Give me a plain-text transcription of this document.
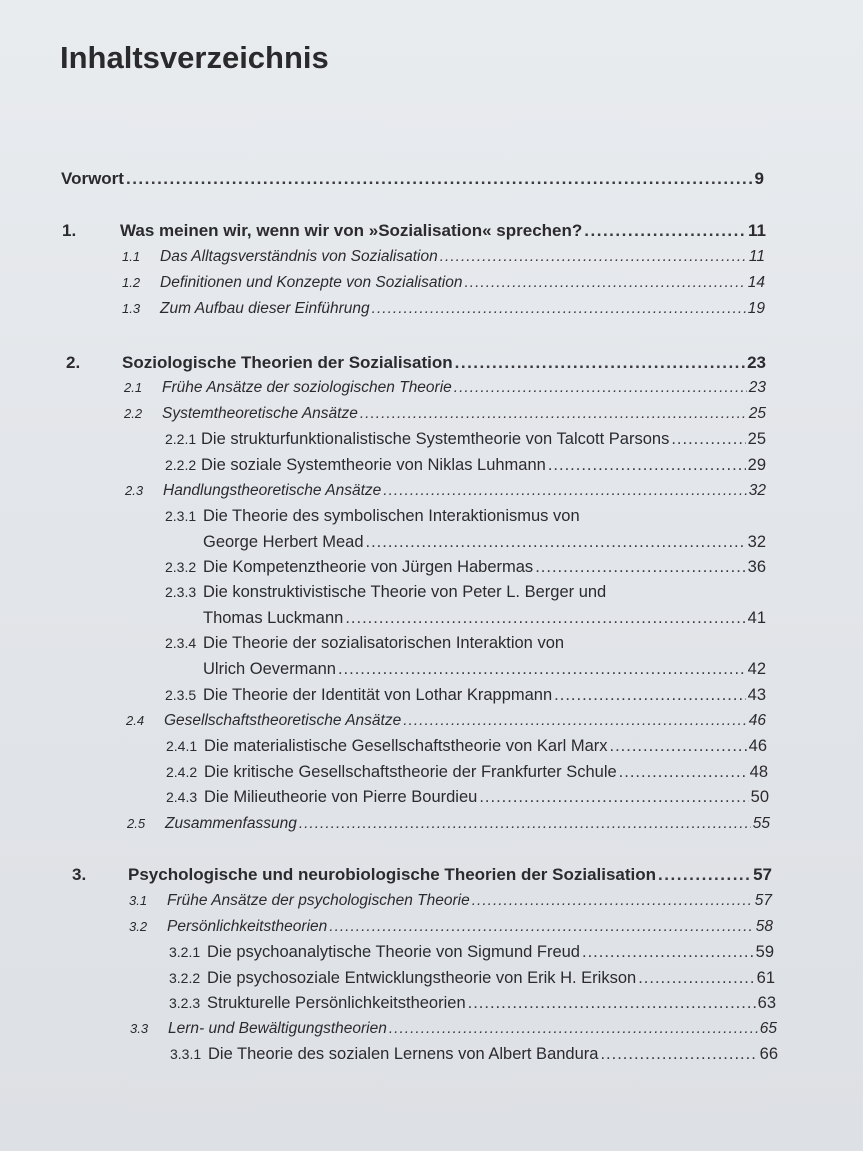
Inhaltsverzeichnis
Vorwort .....	9
1.	Was meinen wir, wenn wir von »Sozialisation« sprechen? .....	11
1.1	Das Alltagsverständnis von Sozialisation .....	11
1.2	Definitionen und Konzepte von Sozialisation .....	14
1.3	Zum Aufbau dieser Einführung .....	19
2.	Soziologische Theorien der Sozialisation .....	23
2.1	Frühe Ansätze der soziologischen Theorie .....	23
2.2	Systemtheoretische Ansätze .....	25
2.2.1 Die strukturfunktionalistische Systemtheorie von Talcott Parsons .....	25
2.2.2 Die soziale Systemtheorie von Niklas Luhmann .....	29
2.3	Handlungstheoretische Ansätze .....	32
2.3.1 Die Theorie des symbolischen Interaktionismus von
George Herbert Mead .....	32
2.3.2 Die Kompetenztheorie von Jürgen Habermas .....	36
2.3.3 Die konstruktivistische Theorie von Peter L. Berger und
Thomas Luckmann .....	41
2.3.4 Die Theorie der sozialisatorischen Interaktion von
Ulrich Oevermann .....	42
2.3.5 Die Theorie der Identität von Lothar Krappmann .....	43
2.4	Gesellschaftstheoretische Ansätze .....	46
2.4.1 Die materialistische Gesellschaftstheorie von Karl Marx .....	46
2.4.2 Die kritische Gesellschaftstheorie der Frankfurter Schule .....	48
2.4.3 Die Milieutheorie von Pierre Bourdieu .....	50
2.5	Zusammenfassung .....	55
3.	Psychologische und neurobiologische Theorien der Sozialisation .....	57
3.1	Frühe Ansätze der psychologischen Theorie .....	57
3.2	Persönlichkeitstheorien .....	58
3.2.1 Die psychoanalytische Theorie von Sigmund Freud .....	59
3.2.2 Die psychosoziale Entwicklungstheorie von Erik H. Erikson .....	61
3.2.3 Strukturelle Persönlichkeitstheorien .....	63
3.3	Lern- und Bewältigungstheorien .....	65
3.3.1 Die Theorie des sozialen Lernens von Albert Bandura .....	66
